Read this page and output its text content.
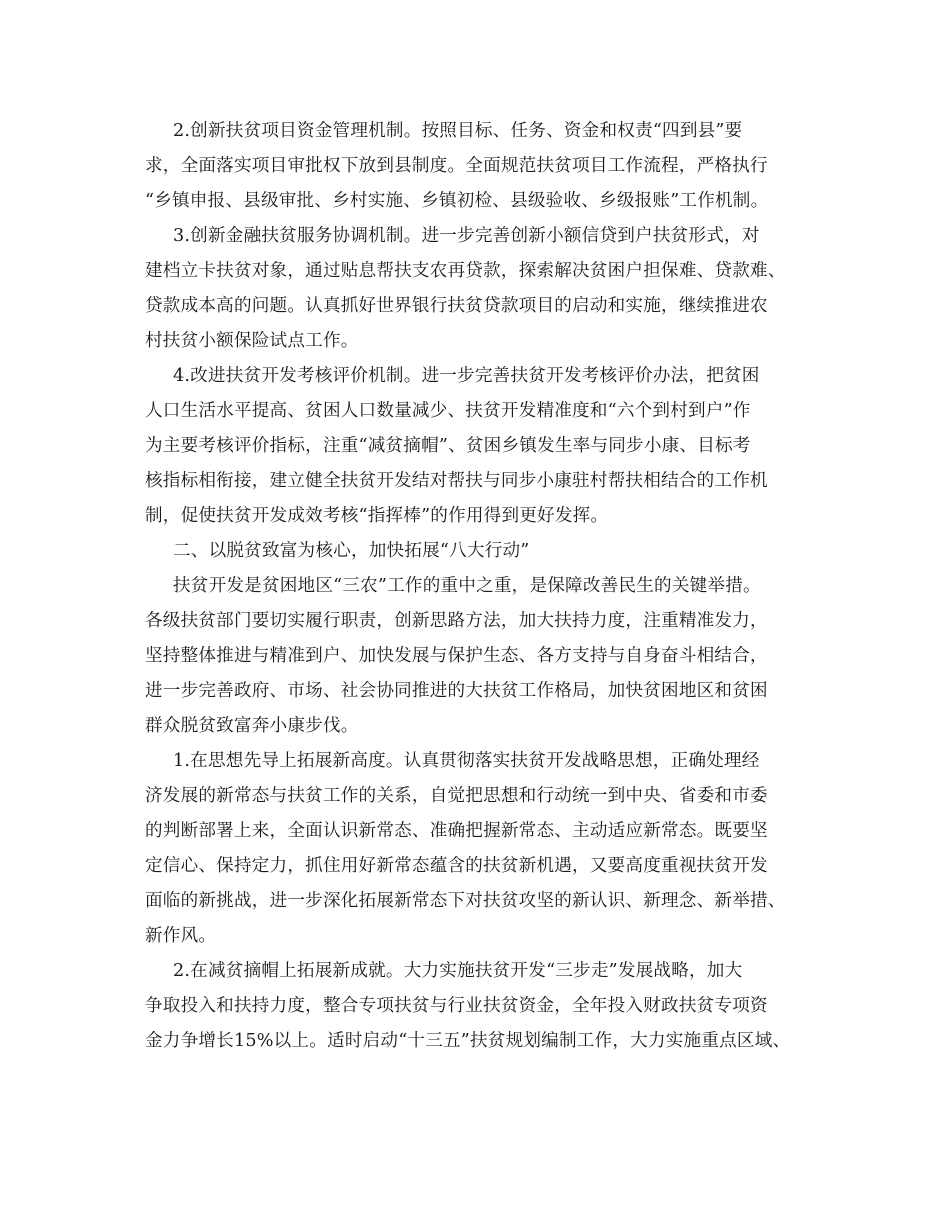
2.创新扶贫项目资金管理机制。按照目标、任务、资金和权责“四到县”要
求，全面落实项目审批权下放到县制度。全面规范扶贫项目工作流程，严格执行
“乡镇申报、县级审批、乡村实施、乡镇初检、县级验收、乡级报账”工作机制。
3.创新金融扶贫服务协调机制。进一步完善创新小额信贷到户扶贫形式，对
建档立卡扶贫对象，通过贴息帮扶支农再贷款，探索解决贫困户担保难、贷款难、
贷款成本高的问题。认真抓好世界银行扶贫贷款项目的启动和实施，继续推进农
村扶贫小额保险试点工作。
4.改进扶贫开发考核评价机制。进一步完善扶贫开发考核评价办法，把贫困
人口生活水平提高、贫困人口数量减少、扶贫开发精准度和“六个到村到户”作
为主要考核评价指标，注重“减贫摘帽”、贫困乡镇发生率与同步小康、目标考
核指标相衔接，建立健全扶贫开发结对帮扶与同步小康驻村帮扶相结合的工作机
制，促使扶贫开发成效考核“指挥棒”的作用得到更好发挥。
二、以脱贫致富为核心，加快拓展“八大行动”
扶贫开发是贫困地区“三农”工作的重中之重，是保障改善民生的关键举措。
各级扶贫部门要切实履行职责，创新思路方法，加大扶持力度，注重精准发力，
坚持整体推进与精准到户、加快发展与保护生态、各方支持与自身奋斗相结合，
进一步完善政府、市场、社会协同推进的大扶贫工作格局，加快贫困地区和贫困
群众脱贫致富奔小康步伐。
1.在思想先导上拓展新高度。认真贯彻落实扶贫开发战略思想，正确处理经
济发展的新常态与扶贫工作的关系，自觉把思想和行动统一到中央、省委和市委
的判断部署上来，全面认识新常态、准确把握新常态、主动适应新常态。既要坚
定信心、保持定力，抓住用好新常态蕴含的扶贫新机遇，又要高度重视扶贫开发
面临的新挑战，进一步深化拓展新常态下对扶贫攻坚的新认识、新理念、新举措、
新作风。
2.在减贫摘帽上拓展新成就。大力实施扶贫开发“三步走”发展战略，加大
争取投入和扶持力度，整合专项扶贫与行业扶贫资金，全年投入财政扶贫专项资
金力争增长15%以上。适时启动“十三五”扶贫规划编制工作，大力实施重点区域、
